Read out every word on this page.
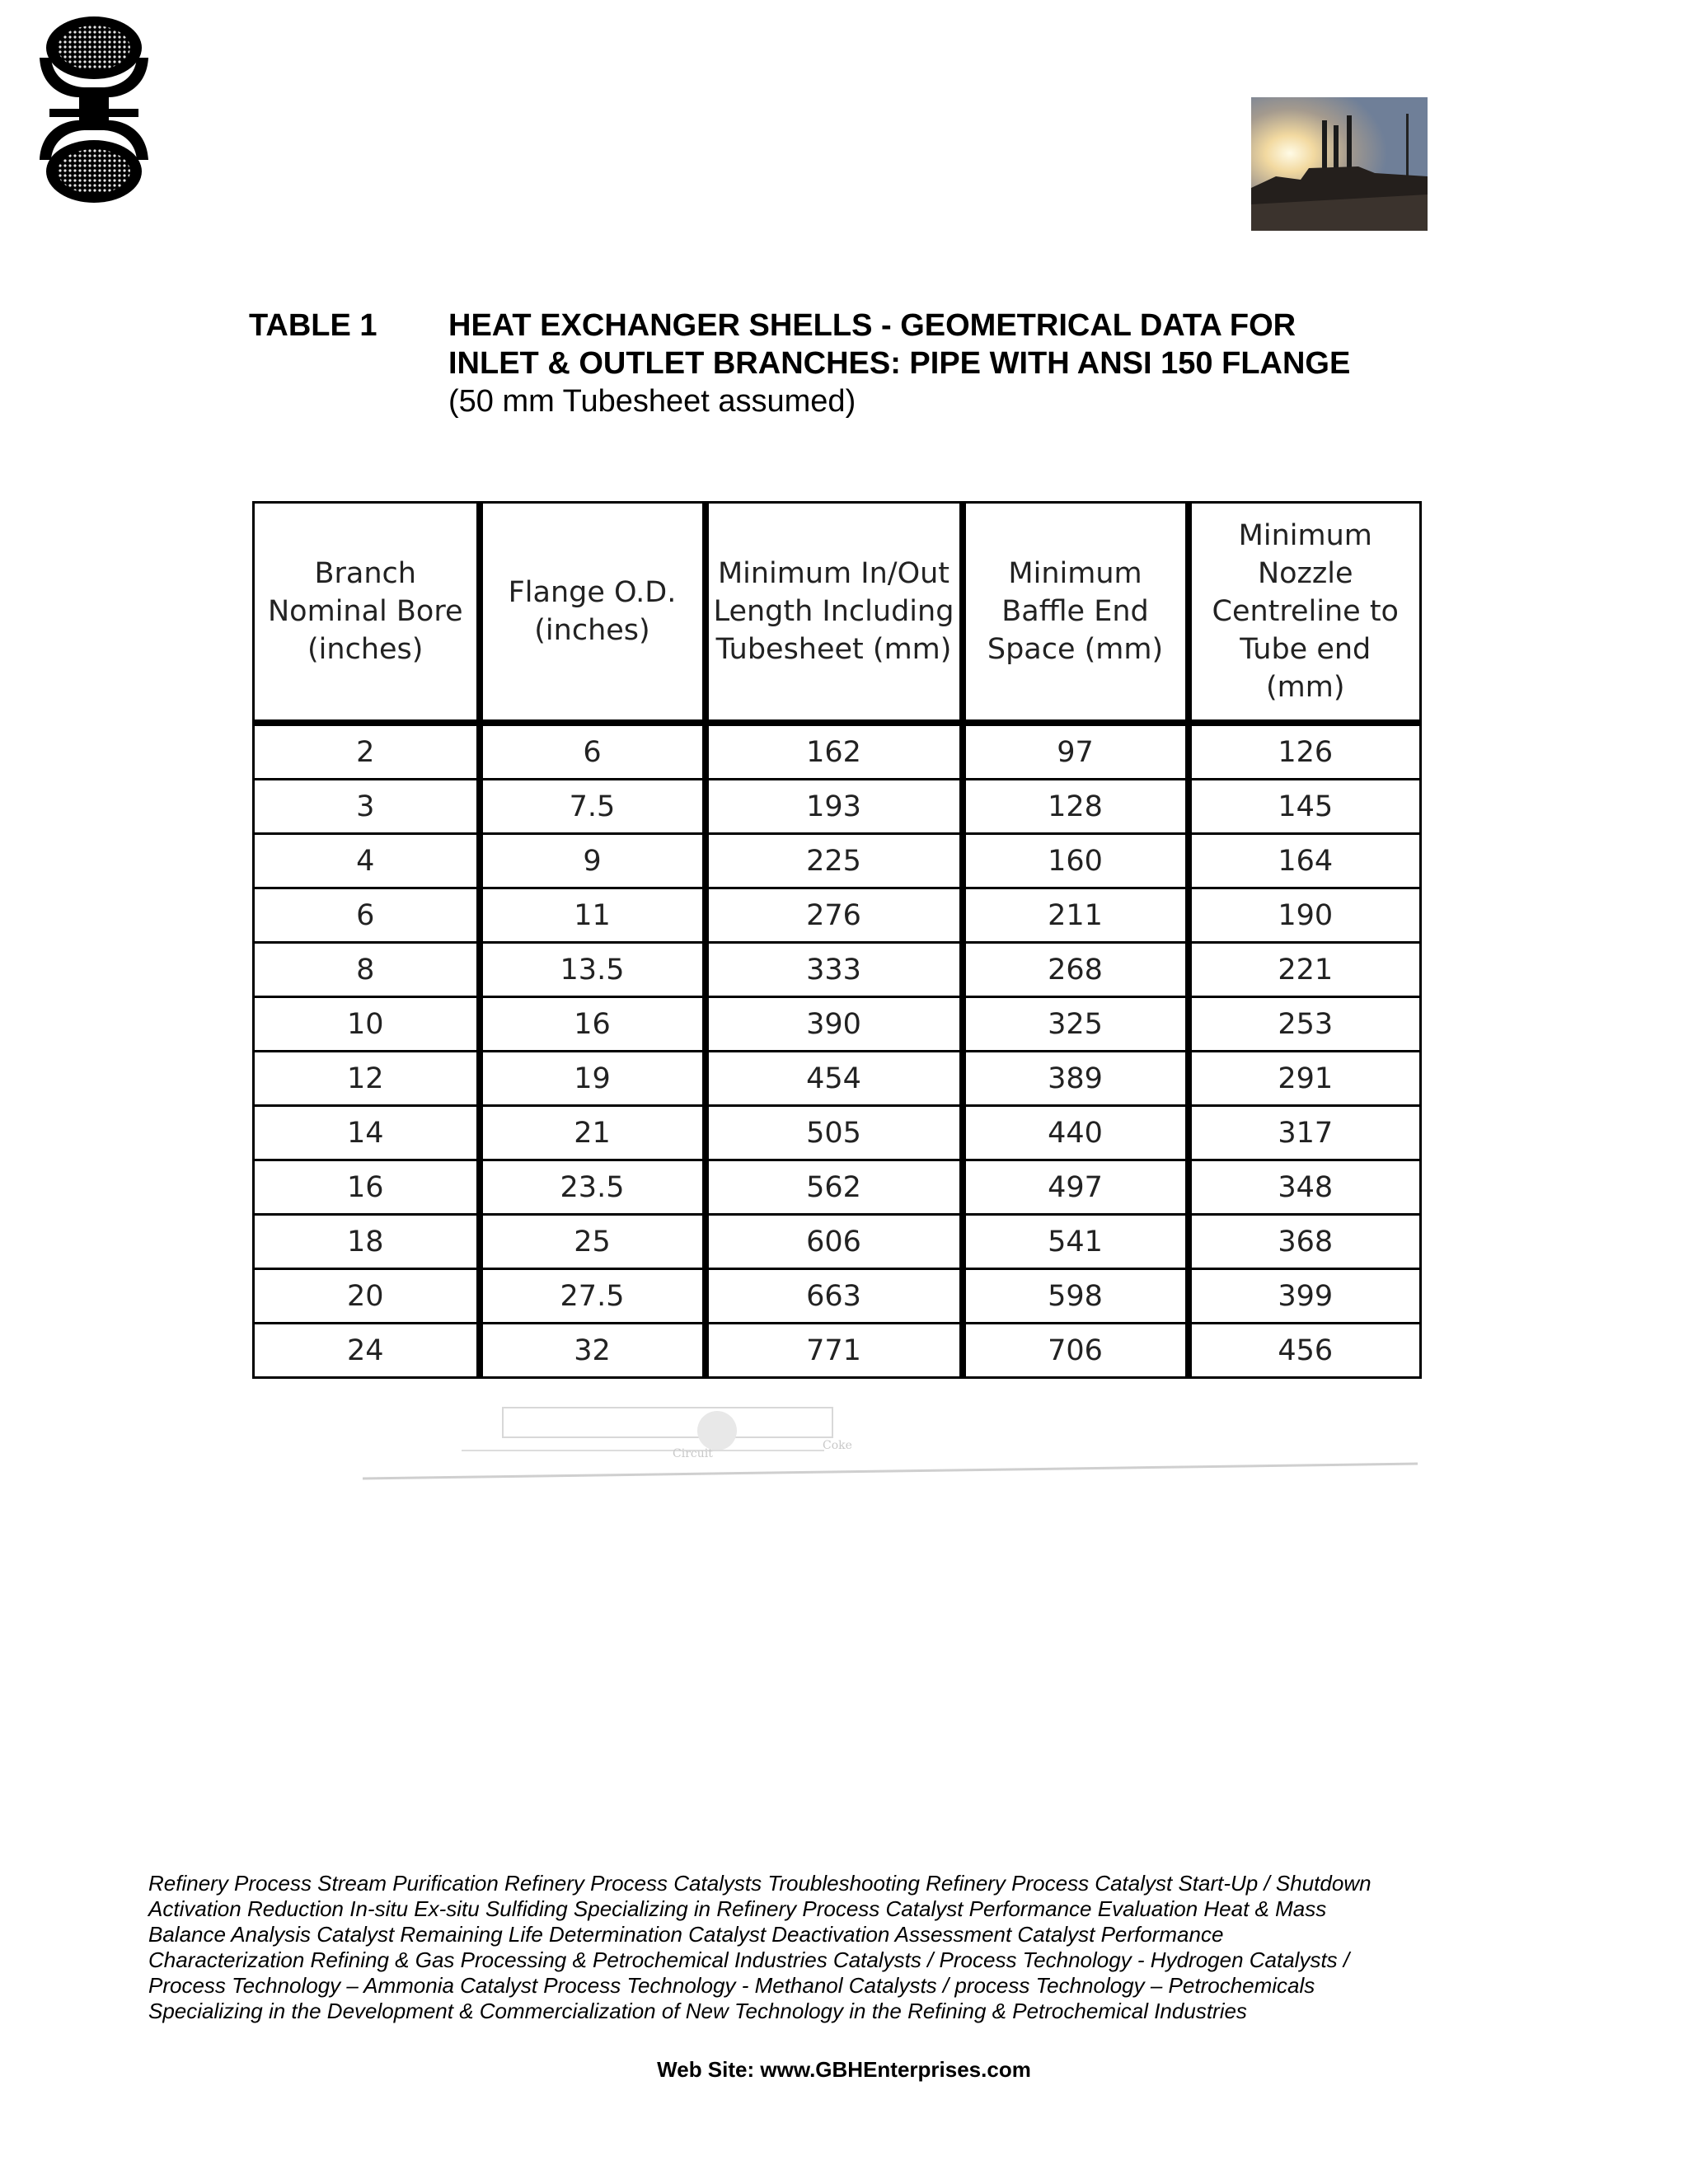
TABLE 1 HEAT EXCHANGER SHELLS - GEOMETRICAL DATA FOR
INLET & OUTLET BRANCHES: PIPE WITH ANSI 150 FLANGE
(50 mm Tubesheet assumed)
Branch Nominal Bore (inches)	Flange O.D. (inches)	Minimum In/Out Length Including Tubesheet (mm)	Minimum Baffle End Space (mm)	Minimum Nozzle Centreline to Tube end (mm)
2	6	162	97	126
3	7.5	193	128	145
4	9	225	160	164
6	11	276	211	190
8	13.5	333	268	221
10	16	390	325	253
12	19	454	389	291
14	21	505	440	317
16	23.5	562	497	348
18	25	606	541	368
20	27.5	663	598	399
24	32	771	706	456
Circuit
Coke
Refinery Process Stream Purification Refinery Process Catalysts Troubleshooting Refinery Process Catalyst Start-Up / Shutdown
Activation Reduction In-situ Ex-situ Sulfiding Specializing in Refinery Process Catalyst Performance Evaluation Heat & Mass
Balance Analysis Catalyst Remaining Life Determination Catalyst Deactivation Assessment Catalyst Performance
Characterization Refining & Gas Processing & Petrochemical Industries Catalysts / Process Technology - Hydrogen Catalysts /
Process Technology – Ammonia Catalyst Process Technology - Methanol Catalysts / process Technology – Petrochemicals
Specializing in the Development & Commercialization of New Technology in the Refining & Petrochemical Industries
Web Site: www.GBHEnterprises.com
